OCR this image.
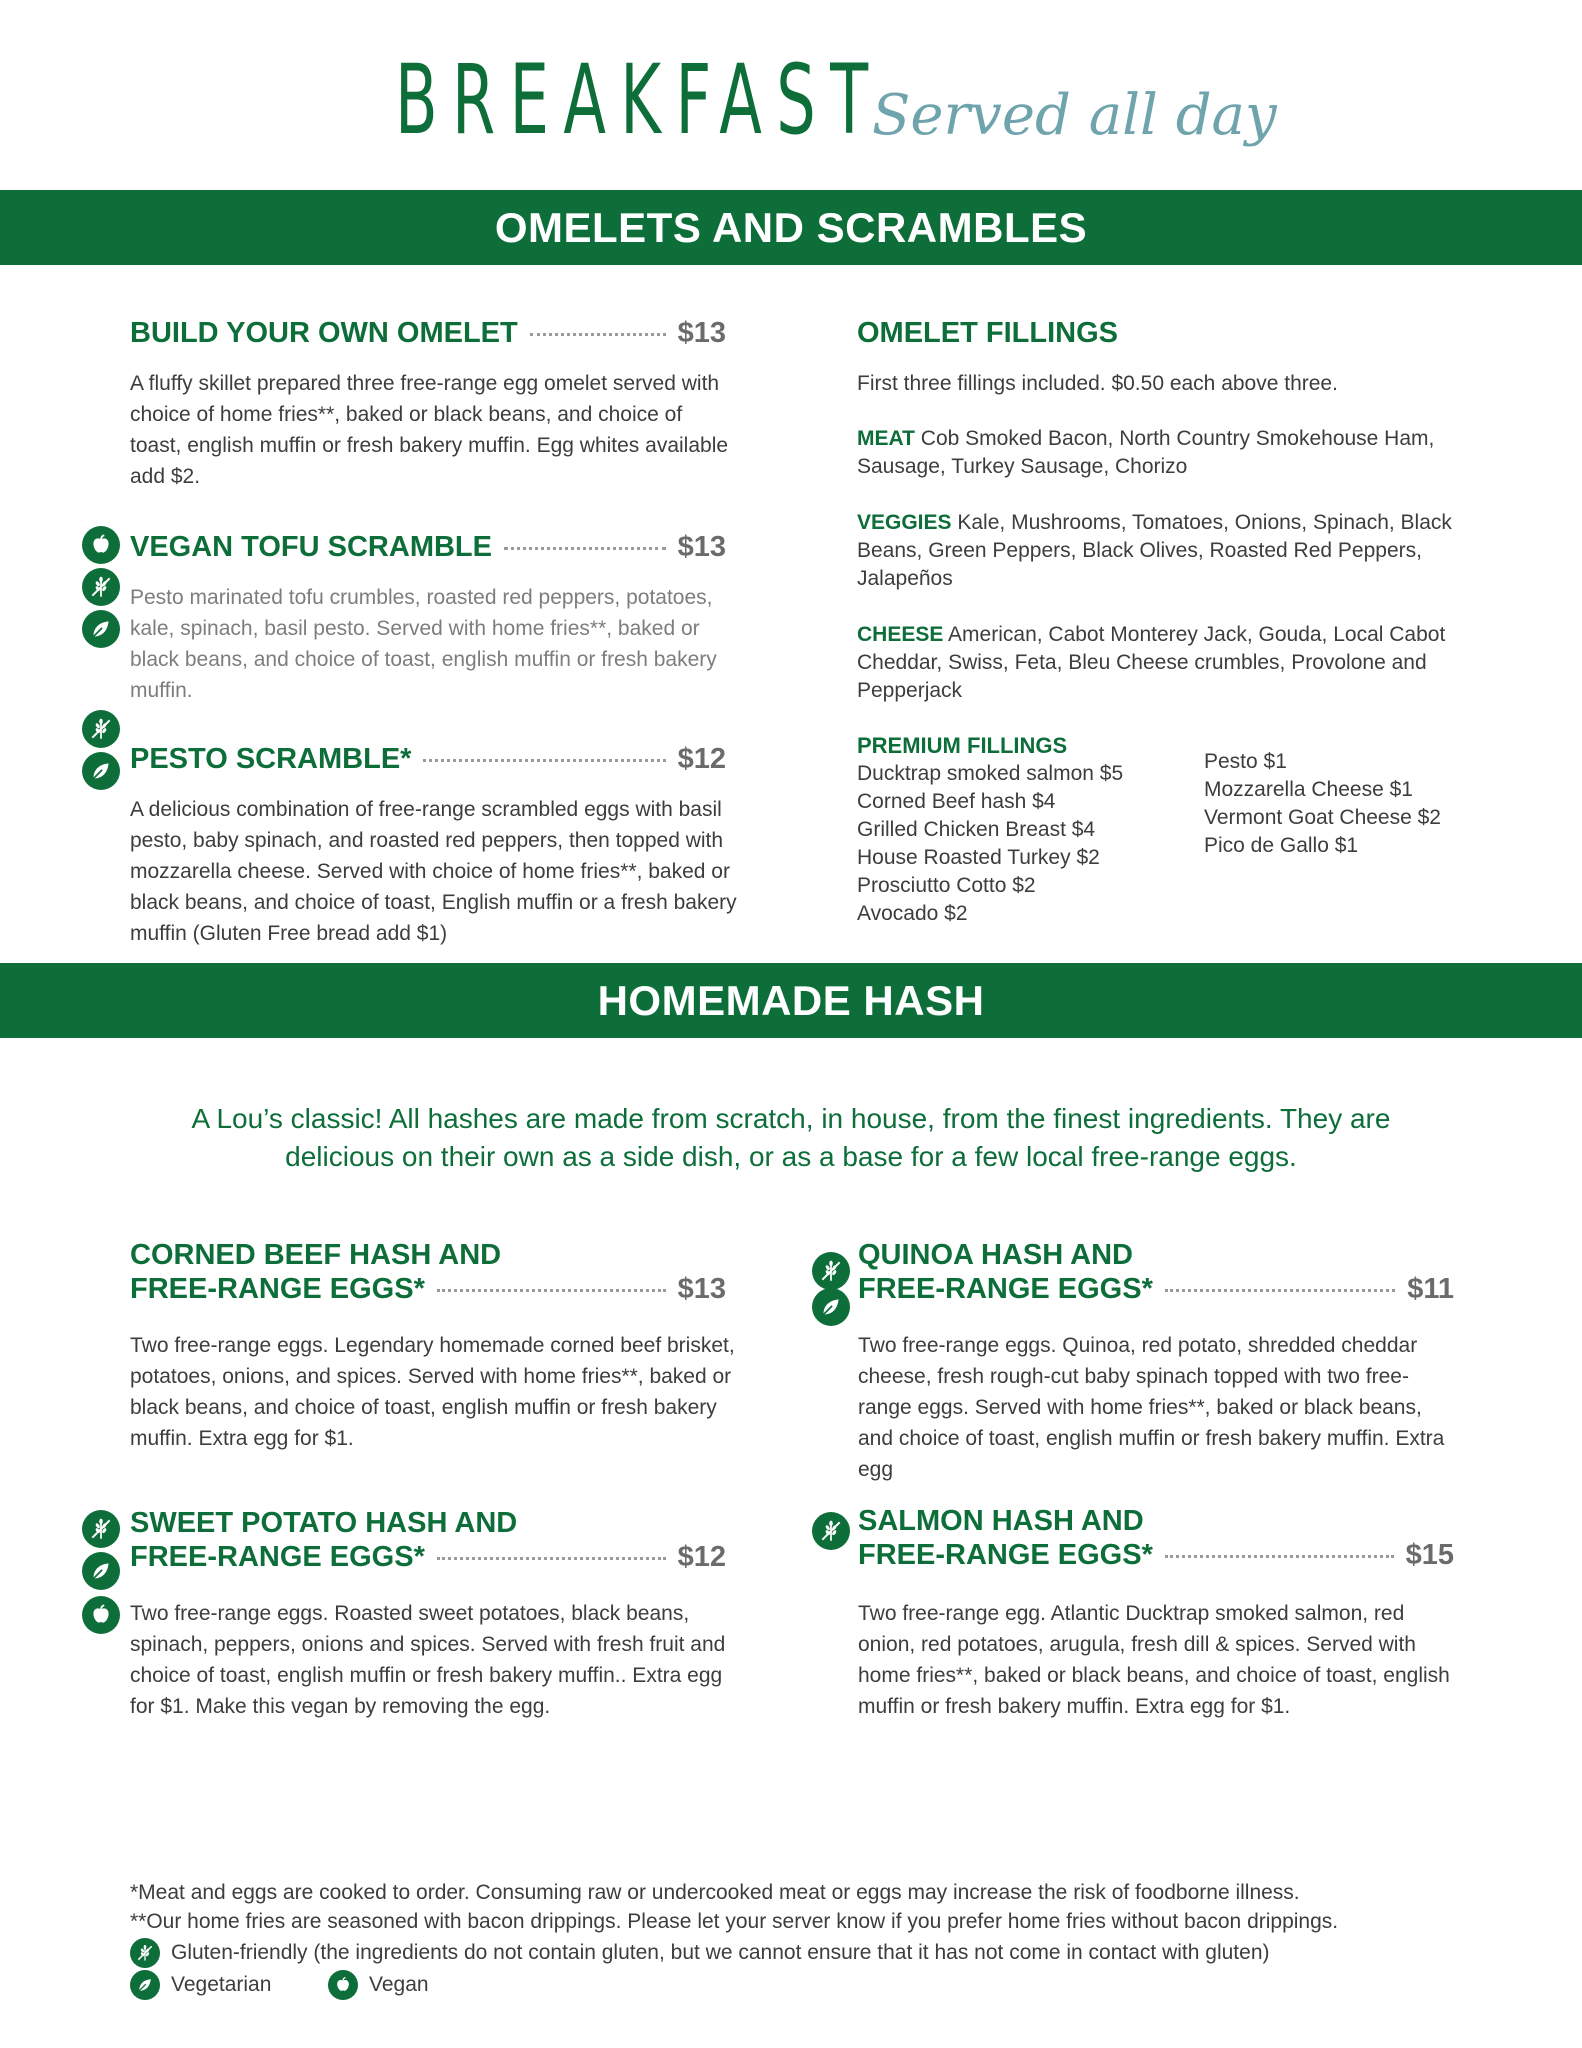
BREAKFAST
Served all day
OMELETS AND SCRAMBLES
BUILD YOUR OWN OMELET	$13
A fluffy skillet prepared three free-range egg omelet served with choice of home fries**, baked or black beans, and choice of toast, english muffin or fresh bakery muffin. Egg whites available add $2.
VEGAN TOFU SCRAMBLE	$13
Pesto marinated tofu crumbles, roasted red peppers, potatoes, kale, spinach, basil pesto. Served with home fries**, baked or black beans, and choice of toast, english muffin or fresh bakery muffin.
PESTO SCRAMBLE*	$12
A delicious combination of free-range scrambled eggs with basil pesto, baby spinach, and roasted red peppers, then topped with mozzarella cheese. Served with choice of home fries**, baked or black beans, and choice of toast, English muffin or a fresh bakery muffin (Gluten Free bread add $1)
OMELET FILLINGS
First three fillings included. $0.50 each above three.
MEAT Cob Smoked Bacon, North Country Smokehouse Ham, Sausage, Turkey Sausage, Chorizo
VEGGIES Kale, Mushrooms, Tomatoes, Onions, Spinach, Black Beans, Green Peppers, Black Olives, Roasted Red Peppers, Jalapeños
CHEESE American, Cabot Monterey Jack, Gouda, Local Cabot Cheddar, Swiss, Feta, Bleu Cheese crumbles, Provolone and Pepperjack
PREMIUM FILLINGS
Ducktrap smoked salmon $5
Corned Beef hash $4
Grilled Chicken Breast $4
House Roasted Turkey $2
Prosciutto Cotto $2
Avocado $2
Pesto $1
Mozzarella Cheese $1
Vermont Goat Cheese $2
Pico de Gallo $1
HOMEMADE HASH
A Lou’s classic! All hashes are made from scratch, in house, from the finest ingredients. They are delicious on their own as a side dish, or as a base for a few local free-range eggs.
CORNED BEEF HASH AND
FREE-RANGE EGGS*	$13
Two free-range eggs. Legendary homemade corned beef brisket, potatoes, onions, and spices. Served with home fries**, baked or black beans, and choice of toast, english muffin or fresh bakery muffin. Extra egg for $1.
QUINOA HASH AND
FREE-RANGE EGGS*	$11
Two free-range eggs. Quinoa, red potato, shredded cheddar cheese, fresh rough-cut baby spinach topped with two free-range eggs. Served with home fries**, baked or black beans, and choice of toast, english muffin or fresh bakery muffin. Extra egg
SWEET POTATO HASH AND
FREE-RANGE EGGS*	$12
Two free-range eggs. Roasted sweet potatoes, black beans, spinach, peppers, onions and spices. Served with fresh fruit and choice of toast, english muffin or fresh bakery muffin.. Extra egg for $1. Make this vegan by removing the egg.
SALMON HASH AND
FREE-RANGE EGGS*	$15
Two free-range egg. Atlantic Ducktrap smoked salmon, red onion, red potatoes, arugula, fresh dill & spices. Served with home fries**, baked or black beans, and choice of toast, english muffin or fresh bakery muffin. Extra egg for $1.
*Meat and eggs are cooked to order. Consuming raw or undercooked meat or eggs may increase the risk of foodborne illness.
**Our home fries are seasoned with bacon drippings. Please let your server know if you prefer home fries without bacon drippings.
Gluten-friendly (the ingredients do not contain gluten, but we cannot ensure that it has not come in contact with gluten)
Vegetarian	Vegan
